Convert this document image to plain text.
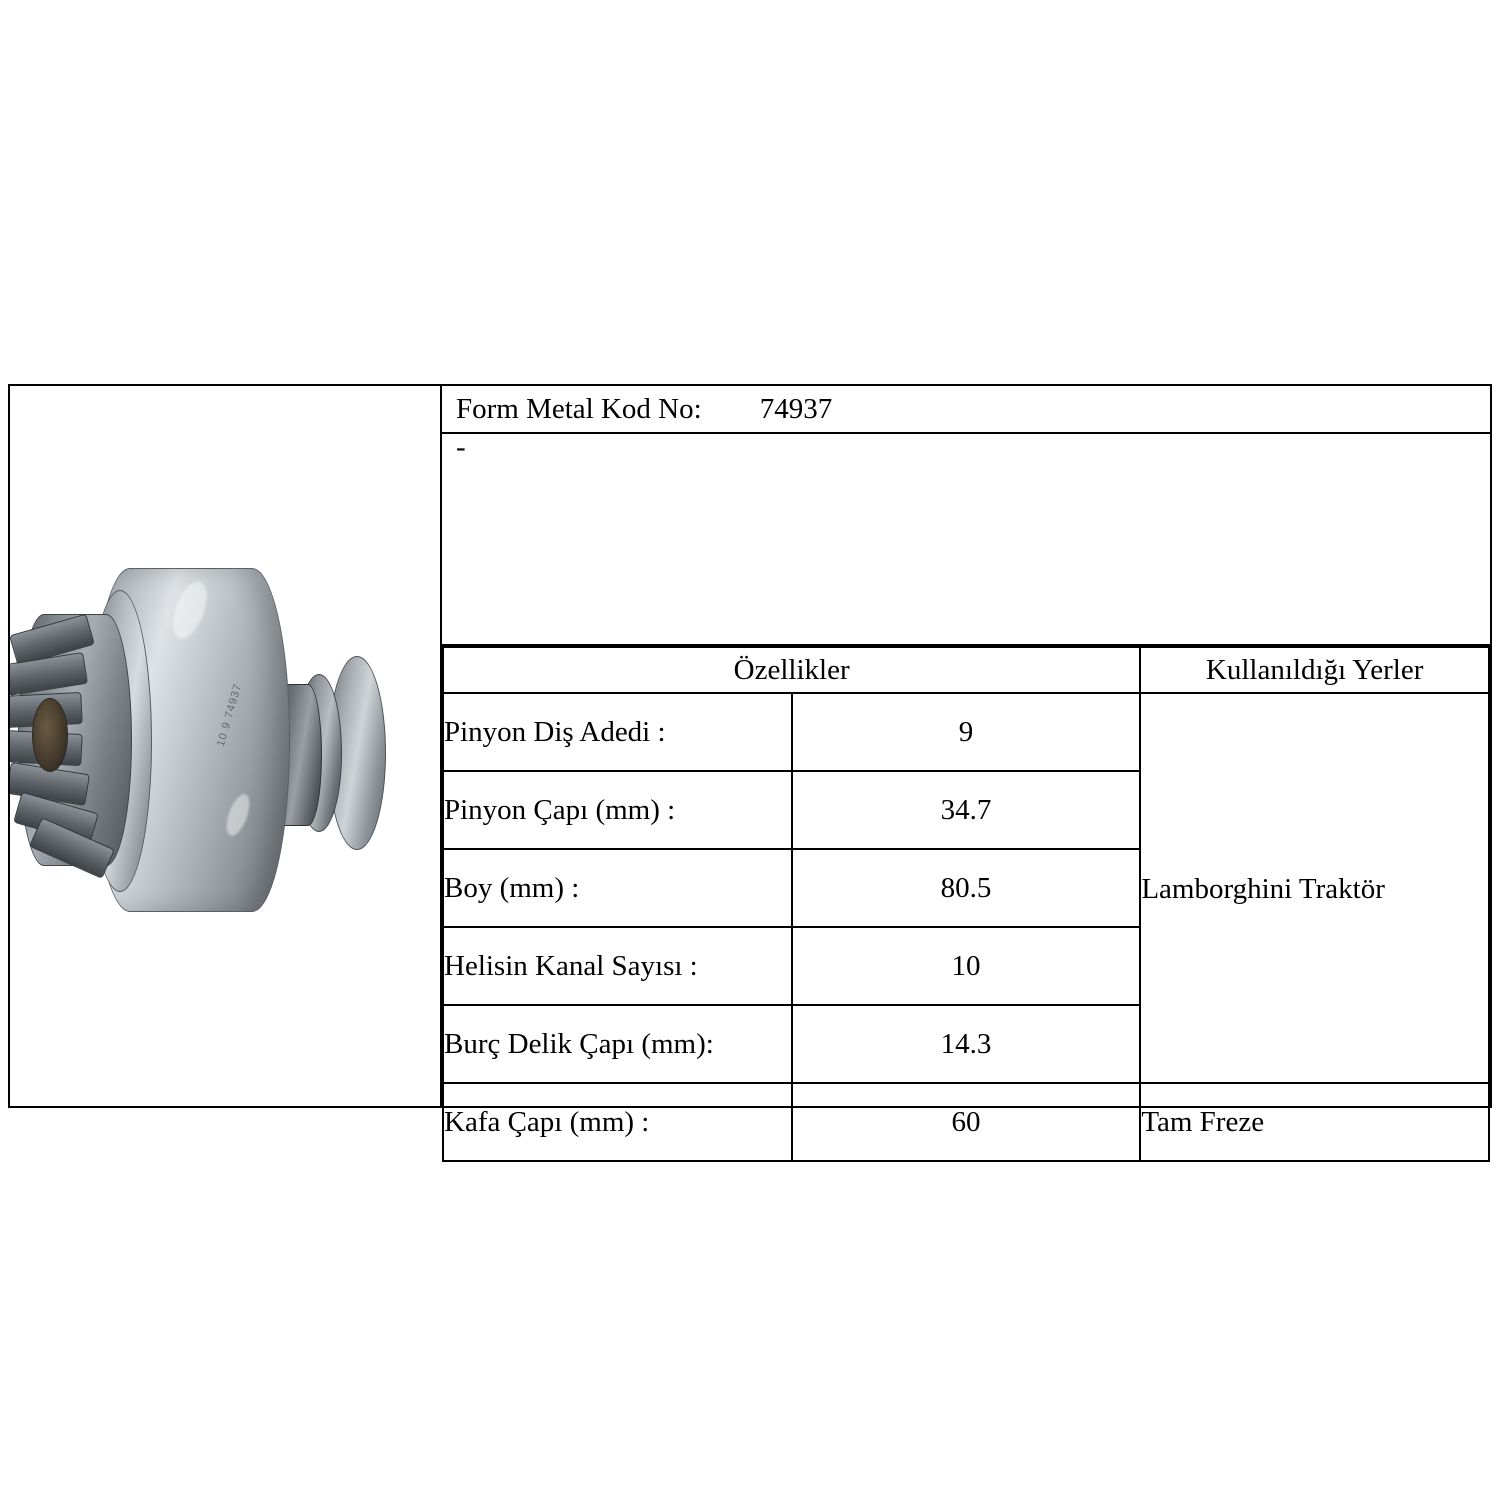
10 9 74937
Form Metal Kod No:	74937
-
Özellikler		Kullanıldığı Yerler
Pinyon Diş Adedi :	9	Lamborghini Traktör

Pinyon Çapı (mm) :	34.7	
Boy (mm) :	80.5	
Helisin Kanal Sayısı :	10	
Burç Delik Çapı (mm):	14.3	
Kafa Çapı (mm) :	60	Tam Freze
